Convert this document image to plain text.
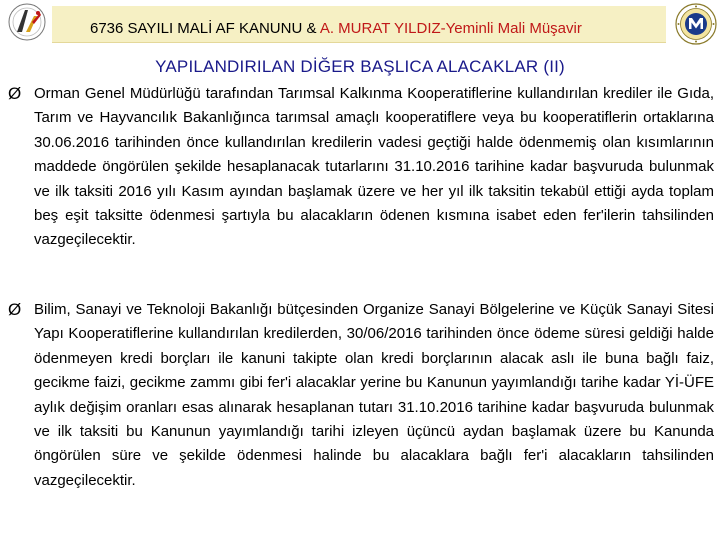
6736 SAYILI MALİ AF KANUNU & A. MURAT YILDIZ-Yeminli Mali Müşavir
YAPILANDIRILAN DİĞER BAŞLICA ALACAKLAR (II)
Ø Orman Genel Müdürlüğü tarafından Tarımsal Kalkınma Kooperatiflerine kullandırılan krediler ile Gıda, Tarım ve Hayvancılık Bakanlığınca tarımsal amaçlı kooperatiflere veya bu kooperatiflerin ortaklarına 30.06.2016 tarihinden önce kullandırılan kredilerin vadesi geçtiği halde ödenmemiş olan kısımlarının maddede öngörülen şekilde hesaplanacak tutarlarını 31.10.2016 tarihine kadar başvuruda bulunmak ve ilk taksiti 2016 yılı Kasım ayından başlamak üzere ve her yıl ilk taksitin tekabül ettiği ayda toplam beş eşit taksitte ödenmesi şartıyla bu alacakların ödenen kısmına isabet eden fer'ilerin tahsilinden vazgeçilecektir.

Ø Bilim, Sanayi ve Teknoloji Bakanlığı bütçesinden Organize Sanayi Bölgelerine ve Küçük Sanayi Sitesi Yapı Kooperatiflerine kullandırılan kredilerden, 30/06/2016 tarihinden önce ödeme süresi geldiği halde ödenmeyen kredi borçları ile kanuni takipte olan kredi borçlarının alacak aslı ile buna bağlı faiz, gecikme faizi, gecikme zammı gibi fer'i alacaklar yerine bu Kanunun yayımlandığı tarihe kadar Yİ-ÜFE aylık değişim oranları esas alınarak hesaplanan tutarı 31.10.2016 tarihine kadar başvuruda bulunmak ve ilk taksiti bu Kanunun yayımlandığı tarihi izleyen üçüncü aydan başlamak üzere bu Kanunda öngörülen süre ve şekilde ödenmesi halinde bu alacaklara bağlı fer'i alacakların tahsilinden vazgeçilecektir.
